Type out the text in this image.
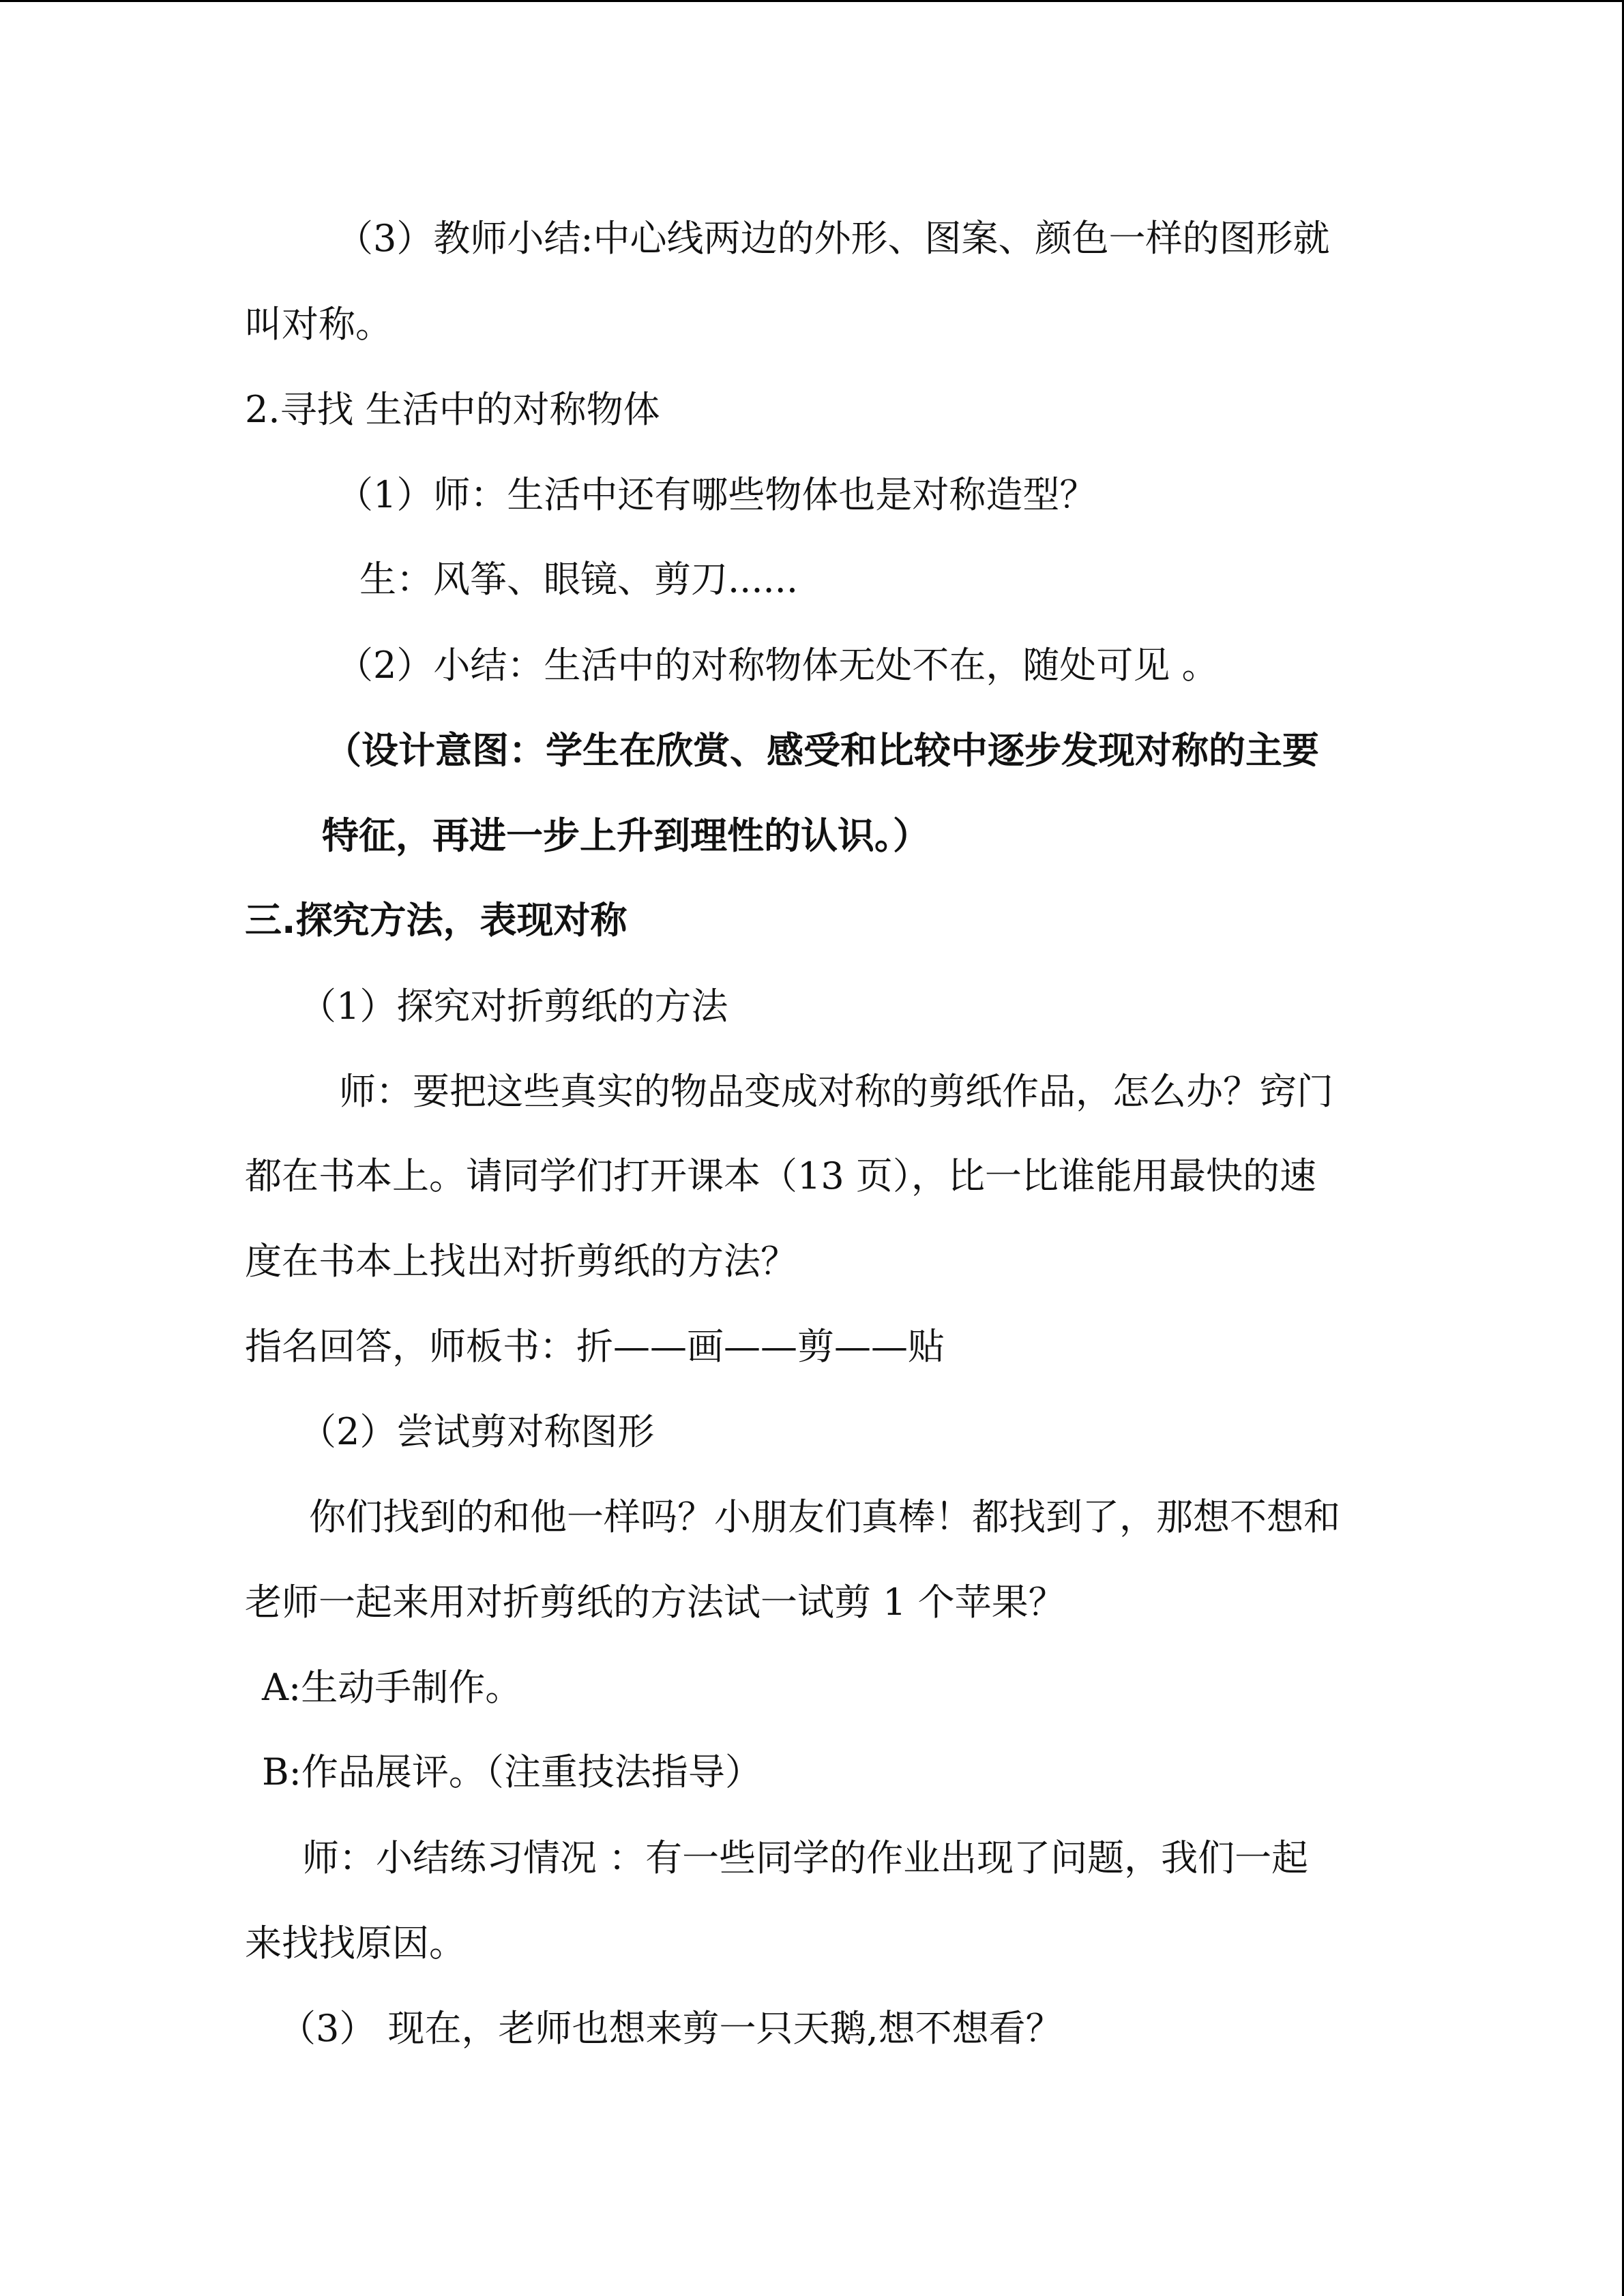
（3）教师小结:中心线两边的外形、图案、颜色一样的图形就
叫对称。
2.寻找 生活中的对称物体
（1）师：生活中还有哪些物体也是对称造型？
生：风筝、眼镜、剪刀......
（2）小结：生活中的对称物体无处不在，随处可见 。
（设计意图：学生在欣赏、感受和比较中逐步发现对称的主要
特征，再进一步上升到理性的认识。）
三.探究方法，表现对称
（1）探究对折剪纸的方法
师：要把这些真实的物品变成对称的剪纸作品，怎么办？窍门
都在书本上。请同学们打开课本（13 页），比一比谁能用最快的速
度在书本上找出对折剪纸的方法？
指名回答，师板书：折——画——剪——贴
（2）尝试剪对称图形
你们找到的和他一样吗？小朋友们真棒！都找到了，那想不想和
老师一起来用对折剪纸的方法试一试剪 1 个苹果？
A:生动手制作。
B:作品展评。（注重技法指导）
师：小结练习情况 ：有一些同学的作业出现了问题，我们一起
来找找原因。
（3） 现在，老师也想来剪一只天鹅,想不想看？
